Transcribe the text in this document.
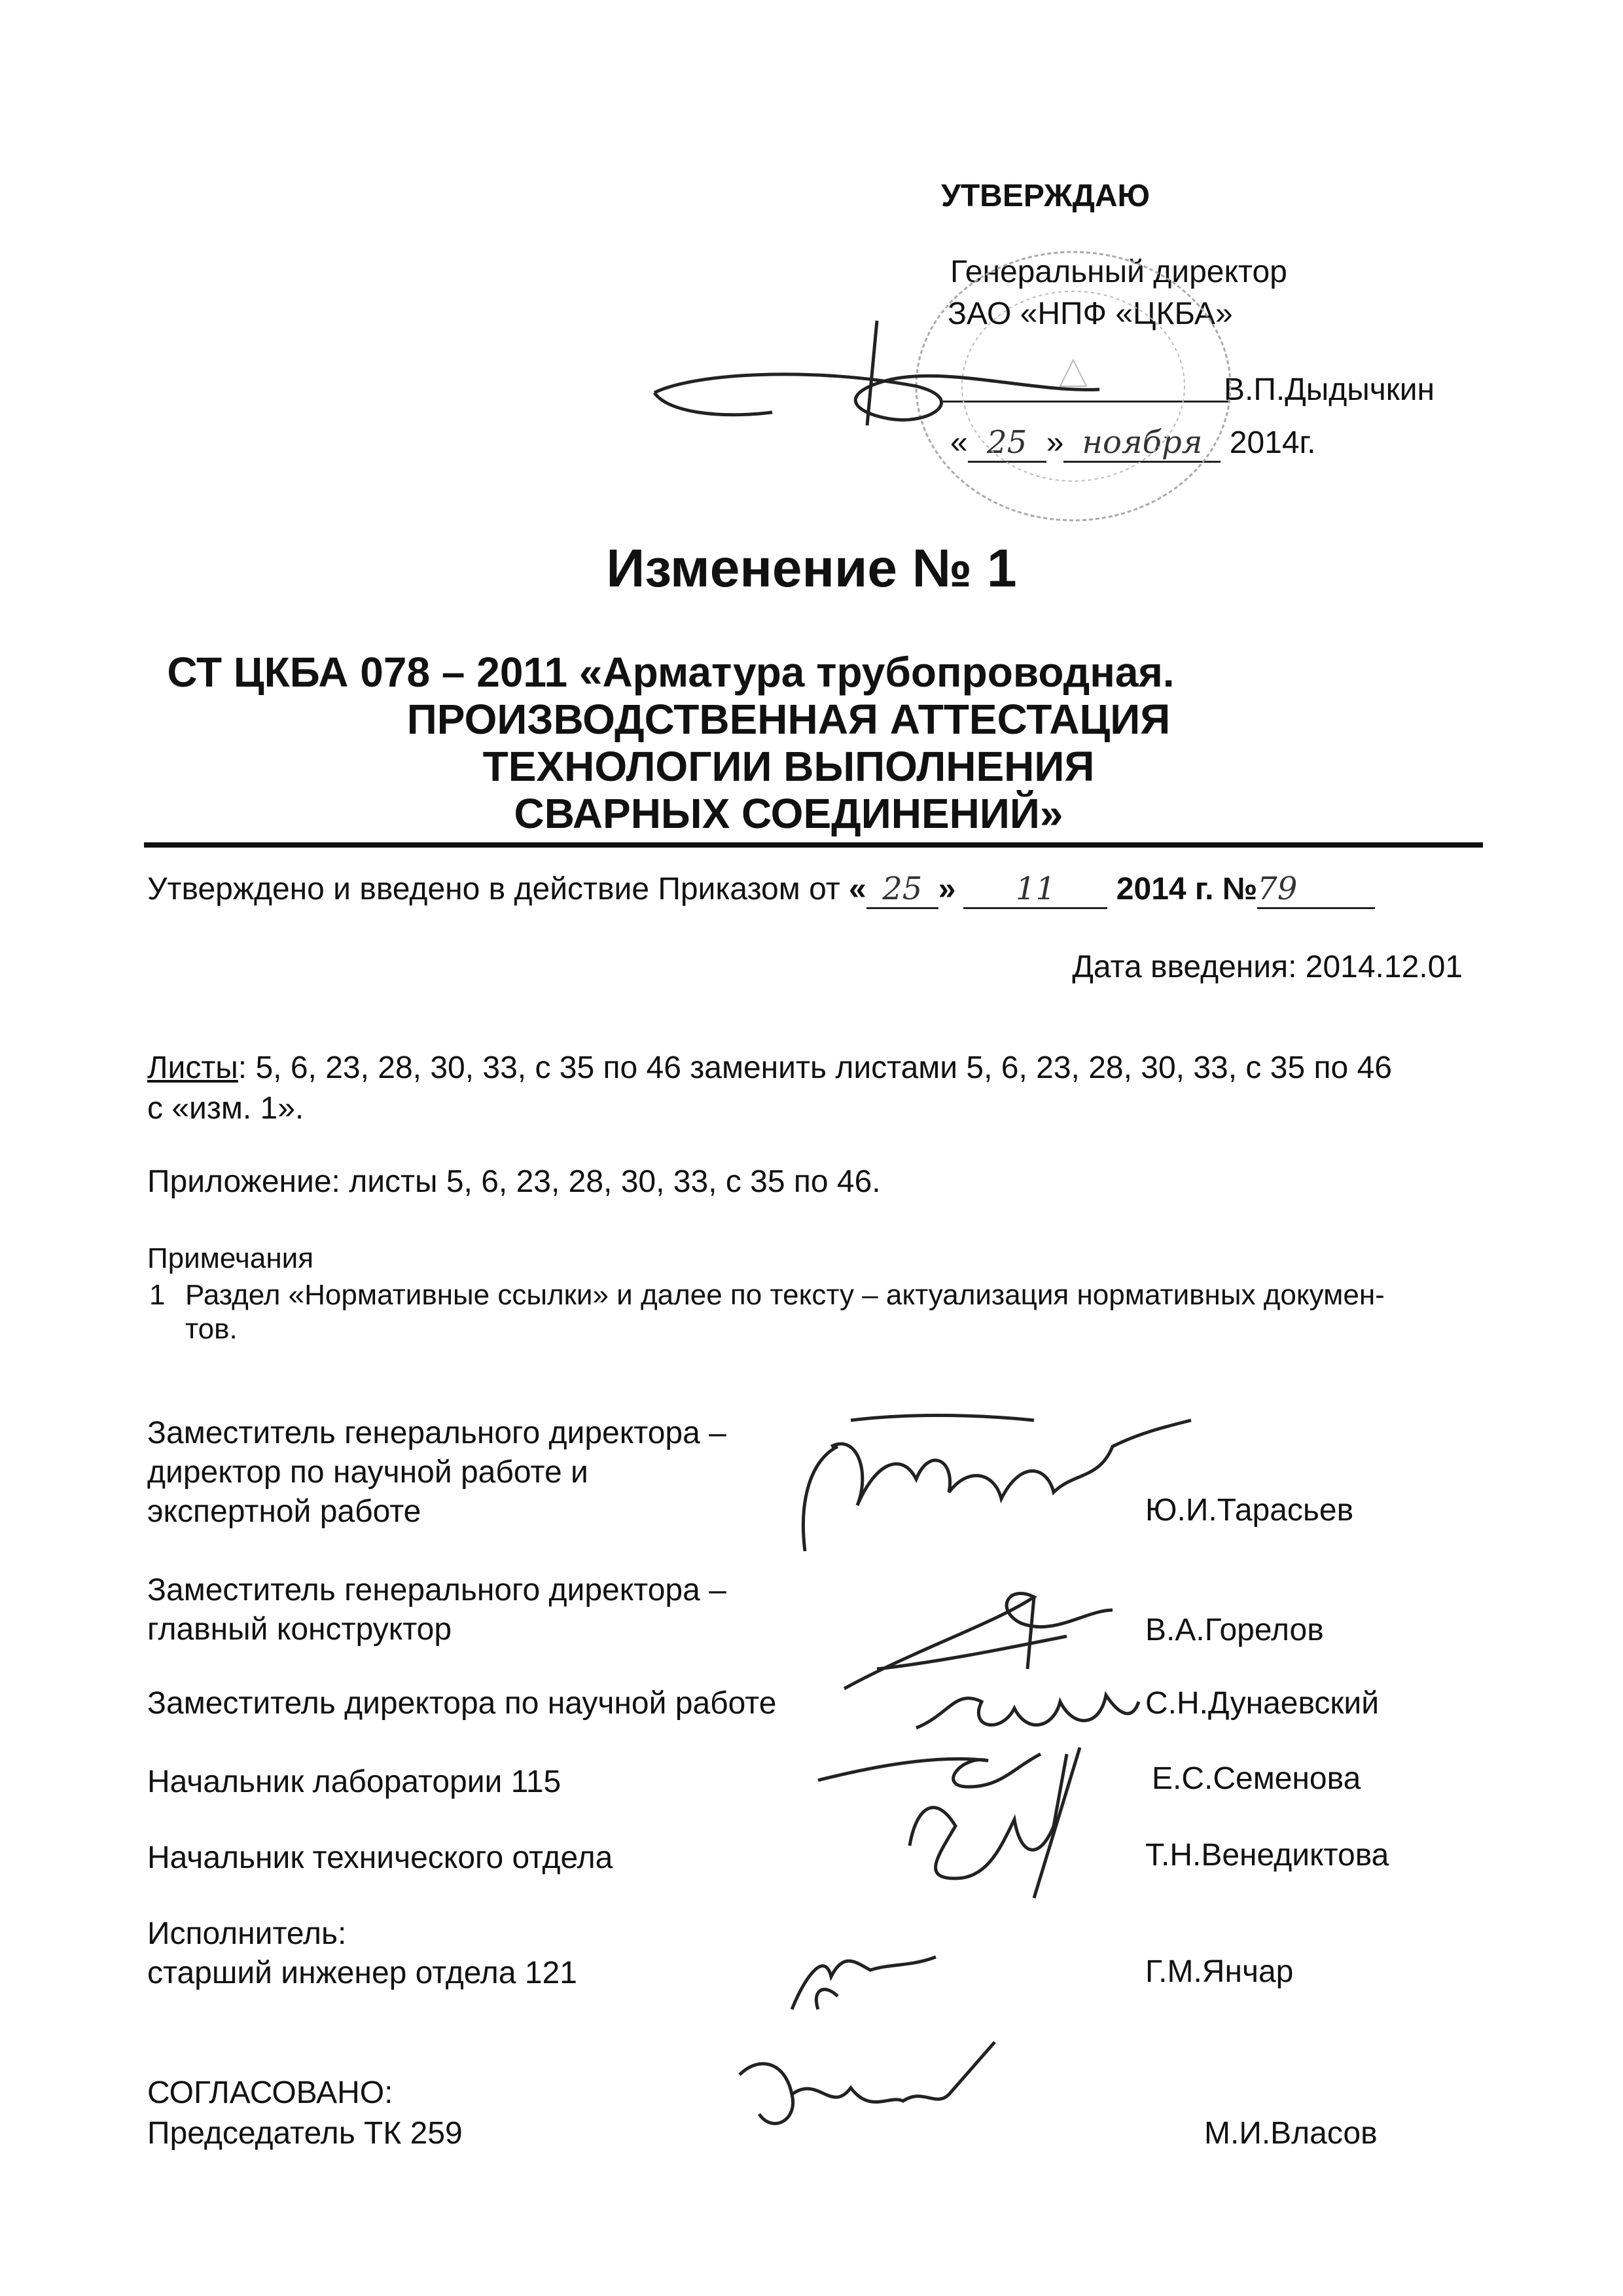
УТВЕРЖДАЮ
Генеральный директор
ЗАО «НПФ «ЦКБА»
В.П.Дыдычкин
« 25 » ноября 2014г.
Изменение № 1
СТ ЦКБА 078 – 2011 «Арматура трубопроводная.
ПРОИЗВОДСТВЕННАЯ АТТЕСТАЦИЯ
ТЕХНОЛОГИИ ВЫПОЛНЕНИЯ
СВАРНЫХ СОЕДИНЕНИЙ»
Утверждено и введено в действие Приказом от « 25 » 11 2014 г. №79
Дата введения: 2014.12.01
Листы: 5, 6, 23, 28, 30, 33, с 35 по 46 заменить листами 5, 6, 23, 28, 30, 33, с 35 по 46
с «изм. 1».
Приложение: листы 5, 6, 23, 28, 30, 33, с 35 по 46.
Примечания
1 Раздел «Нормативные ссылки» и далее по тексту – актуализация нормативных докумен-
тов.
Заместитель генерального директора –
директор по научной работе и
экспертной работе	Ю.И.Тарасьев
Заместитель генерального директора –
главный конструктор	В.А.Горелов
Заместитель директора по научной работе	С.Н.Дунаевский
Начальник лаборатории 115	Е.С.Семенова
Начальник технического отдела	Т.Н.Венедиктова
Исполнитель:
старший инженер отдела 121	Г.М.Янчар
СОГЛАСОВАНО:
Председатель ТК 259	М.И.Власов
